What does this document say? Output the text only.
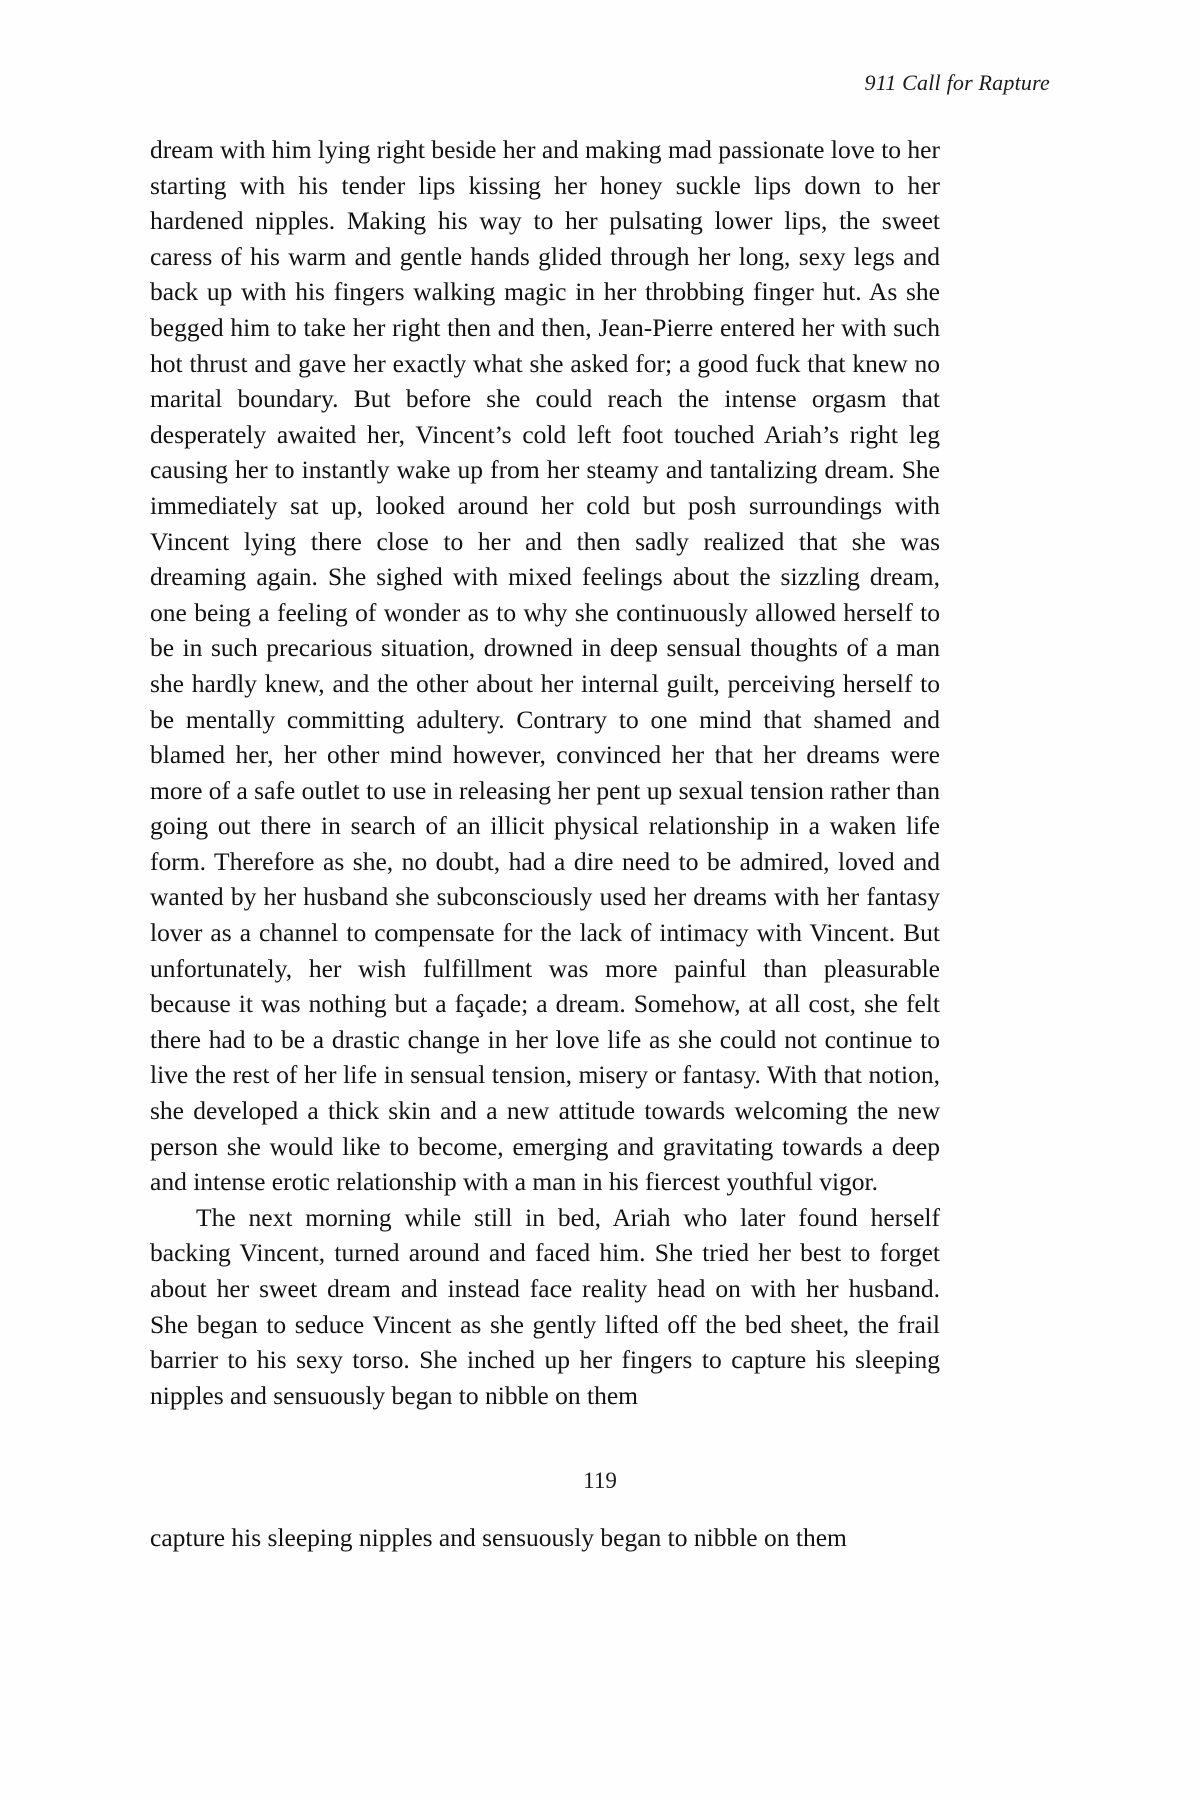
911 Call for Rapture

dream with him lying right beside her and making mad passionate love to her starting with his tender lips kissing her honey suckle lips down to her hardened nipples. Making his way to her pulsating lower lips, the sweet caress of his warm and gentle hands glided through her long, sexy legs and back up with his fingers walking magic in her throbbing finger hut. As she begged him to take her right then and then, Jean-Pierre entered her with such hot thrust and gave her exactly what she asked for; a good fuck that knew no marital boundary. But before she could reach the intense orgasm that desperately awaited her, Vincent’s cold left foot touched Ariah’s right leg causing her to instantly wake up from her steamy and tantalizing dream. She immediately sat up, looked around her cold but posh surroundings with Vincent lying there close to her and then sadly realized that she was dreaming again. She sighed with mixed feelings about the sizzling dream, one being a feeling of wonder as to why she continuously allowed herself to be in such precarious situation, drowned in deep sensual thoughts of a man she hardly knew, and the other about her internal guilt, perceiving herself to be mentally committing adultery. Contrary to one mind that shamed and blamed her, her other mind however, convinced her that her dreams were more of a safe outlet to use in releasing her pent up sexual tension rather than going out there in search of an illicit physical relationship in a waken life form. Therefore as she, no doubt, had a dire need to be admired, loved and wanted by her husband she subconsciously used her dreams with her fantasy lover as a channel to compensate for the lack of intimacy with Vincent. But unfortunately, her wish fulfillment was more painful than pleasurable because it was nothing but a façade; a dream. Somehow, at all cost, she felt there had to be a drastic change in her love life as she could not continue to live the rest of her life in sensual tension, misery or fantasy. With that notion, she developed a thick skin and a new attitude towards welcoming the new person she would like to become, emerging and gravitating towards a deep and intense erotic relationship with a man in his fiercest youthful vigor.

The next morning while still in bed, Ariah who later found herself backing Vincent, turned around and faced him. She tried her best to forget about her sweet dream and instead face reality head on with her husband. She began to seduce Vincent as she gently lifted off the bed sheet, the frail barrier to his sexy torso. She inched up her fingers to capture his sleeping nipples and sensuously began to nibble on them

119
capture his sleeping nipples and sensuously began to nibble on them
